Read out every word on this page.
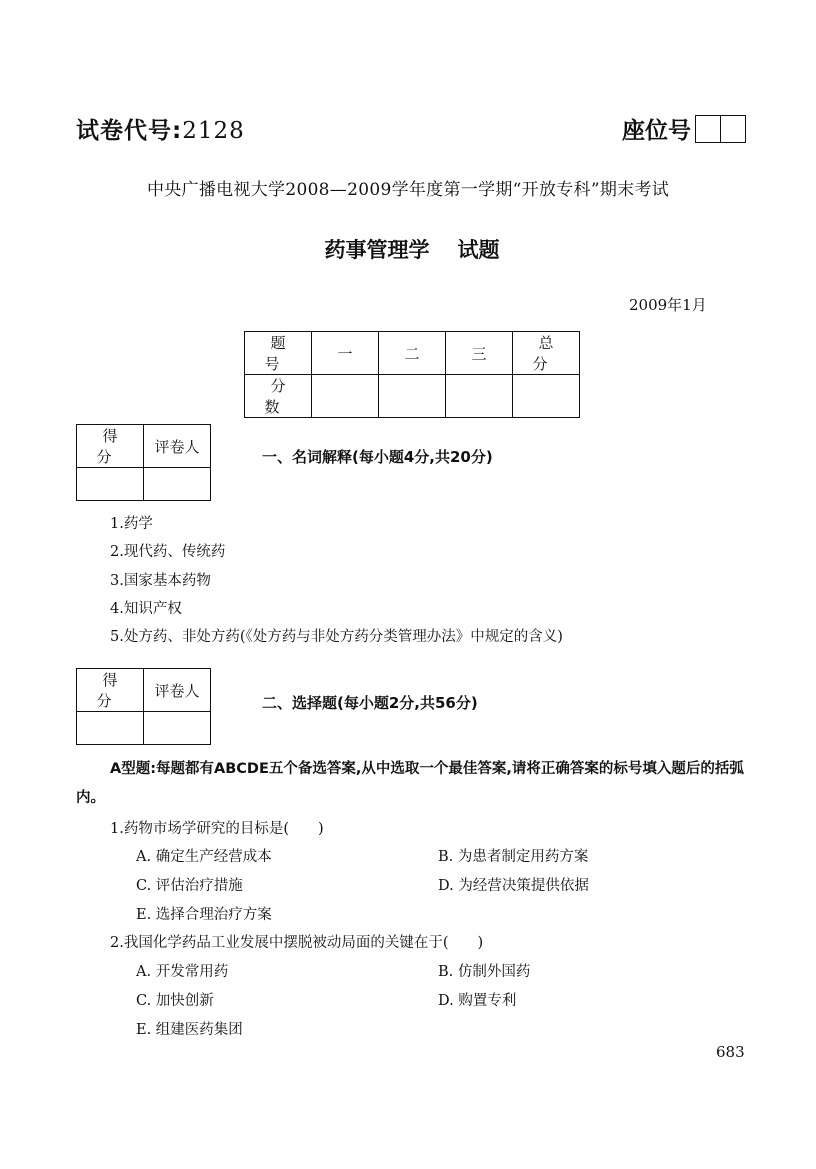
试卷代号:2128	座位号
中央广播电视大学2008—2009学年度第一学期“开放专科”期末考试
药事管理学 试题
2009年1月
题 号	一	二	三	总 分
分 数				
得 分	评卷人

一、名词解释(每小题4分,共20分)
1.药学
2.现代药、传统药
3.国家基本药物
4.知识产权
5.处方药、非处方药(《处方药与非处方药分类管理办法》中规定的含义)
得 分	评卷人

二、选择题(每小题2分,共56分)
A型题:每题都有ABCDE五个备选答案,从中选取一个最佳答案,请将正确答案的标号填入题后的括弧内。
1.药物市场学研究的目标是(　　)
A. 确定生产经营成本	B. 为患者制定用药方案
C. 评估治疗措施	D. 为经营决策提供依据
E. 选择合理治疗方案
2.我国化学药品工业发展中摆脱被动局面的关键在于(　　)
A. 开发常用药	B. 仿制外国药
C. 加快创新	D. 购置专利
E. 组建医药集团
683
